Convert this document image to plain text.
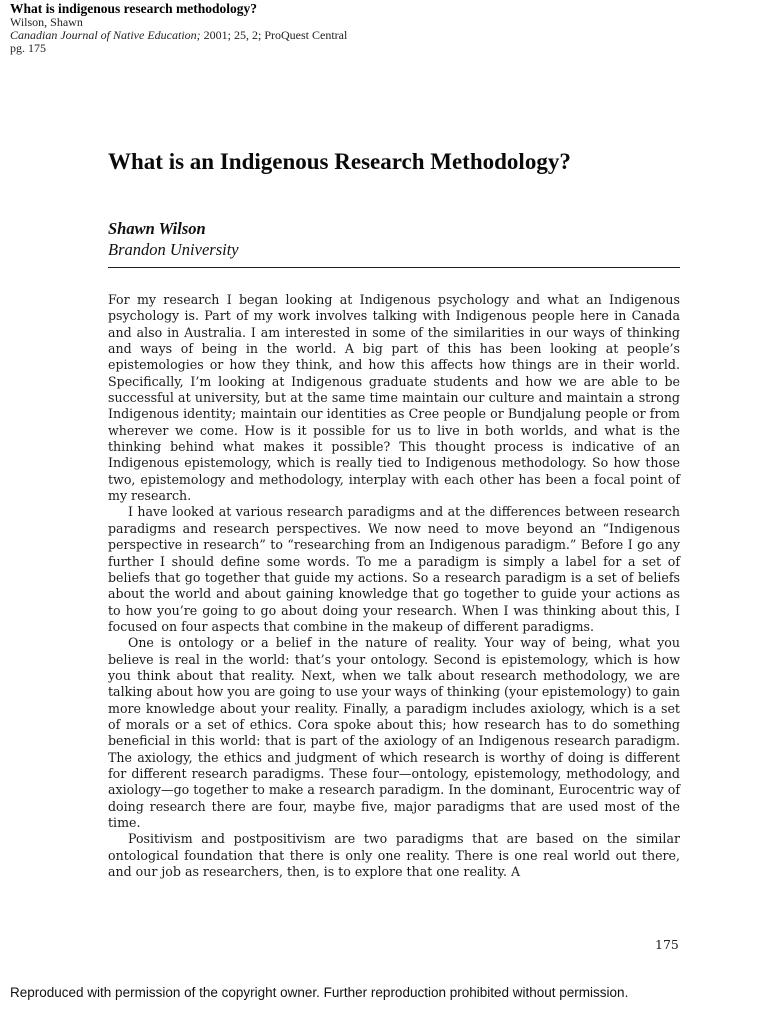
What is indigenous research methodology?
Wilson, Shawn
Canadian Journal of Native Education; 2001; 25, 2; ProQuest Central
pg. 175
What is an Indigenous Research Methodology?
Shawn Wilson
Brandon University

For my research I began looking at Indigenous psychology and what an Indigenous psychology is. Part of my work involves talking with Indigenous people here in Canada and also in Australia. I am interested in some of the similarities in our ways of thinking and ways of being in the world. A big part of this has been looking at people’s epistemologies or how they think, and how this affects how things are in their world. Specifically, I’m looking at Indigenous graduate students and how we are able to be successful at university, but at the same time maintain our culture and maintain a strong Indigenous identity; maintain our identities as Cree people or Bundjalung people or from wherever we come. How is it possible for us to live in both worlds, and what is the thinking behind what makes it possible? This thought process is indicative of an Indigenous epistemology, which is really tied to Indigenous methodology. So how those two, epistemology and methodology, interplay with each other has been a focal point of my research.

I have looked at various research paradigms and at the differences between research paradigms and research perspectives. We now need to move beyond an “Indigenous perspective in research” to “researching from an Indigenous paradigm.” Before I go any further I should define some words. To me a paradigm is simply a label for a set of beliefs that go together that guide my actions. So a research paradigm is a set of beliefs about the world and about gaining knowledge that go together to guide your actions as to how you’re going to go about doing your research. When I was thinking about this, I focused on four aspects that combine in the makeup of different paradigms.

One is ontology or a belief in the nature of reality. Your way of being, what you believe is real in the world: that’s your ontology. Second is epistemology, which is how you think about that reality. Next, when we talk about research methodology, we are talking about how you are going to use your ways of thinking (your epistemology) to gain more knowledge about your reality. Finally, a paradigm includes axiology, which is a set of morals or a set of ethics. Cora spoke about this; how research has to do something beneficial in this world: that is part of the axiology of an Indigenous research paradigm. The axiology, the ethics and judgment of which research is worthy of doing is different for different research paradigms. These four—ontology, epistemology, methodology, and axiology—go together to make a research paradigm. In the dominant, Eurocentric way of doing research there are four, maybe five, major paradigms that are used most of the time.

Positivism and postpositivism are two paradigms that are based on the similar ontological foundation that there is only one reality. There is one real world out there, and our job as researchers, then, is to explore that one reality. A

175
Reproduced with permission of the copyright owner. Further reproduction prohibited without permission.
